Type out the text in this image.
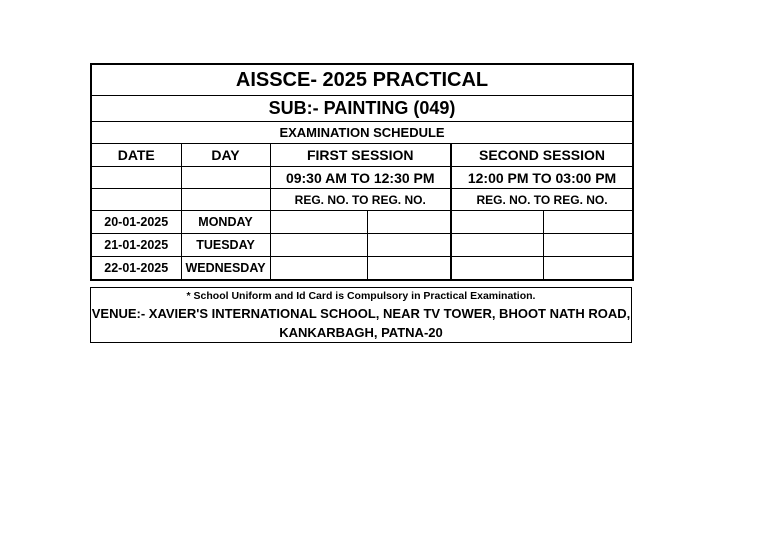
AISSCE- 2025 PRACTICAL					
SUB:- PAINTING (049)					
EXAMINATION SCHEDULE					
DATE	DAY	FIRST SESSION		SECOND SESSION	
		09:30 AM TO 12:30 PM		12:00 PM TO 03:00 PM	
		REG. NO. TO REG. NO.		REG. NO. TO REG. NO.	
20-01-2025	MONDAY				
21-01-2025	TUESDAY				
22-01-2025	WEDNESDAY				
* School Uniform and Id Card is Compulsory in Practical Examination.
VENUE:- XAVIER'S INTERNATIONAL SCHOOL, NEAR TV TOWER, BHOOT NATH ROAD,
KANKARBAGH, PATNA-20
